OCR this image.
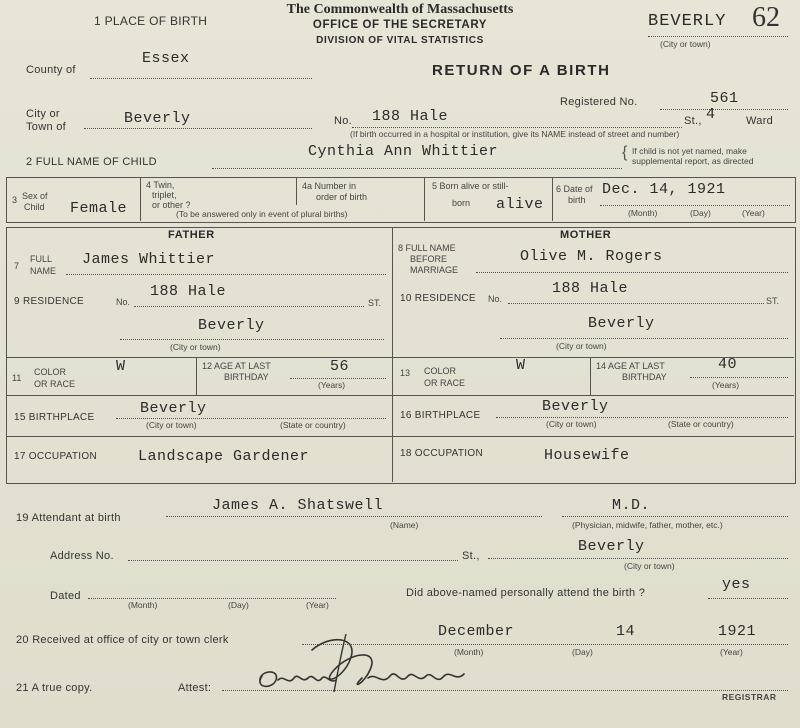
1 PLACE OF BIRTH
The Commonwealth of Massachusetts
OFFICE OF THE SECRETARY
DIVISION OF VITAL STATISTICS
BEVERLY 62
(City or town)
RETURN OF A BIRTH
County of
Essex
Registered No.	561
City or
Town of	Beverly	No. 188 Hale	St., 4	Ward
(If birth occurred in a hospital or institution, give its NAME instead of street and number)
2 FULL NAME OF CHILD
Cynthia Ann Whittier	{ If child is not yet named, make
supplemental report, as directed
3 Sex of
Child Female
4 Twin,
triplet,
or other ?
4a Number in
order of birth
(To be answered only in event of plural births)
5 Born alive or still-
born alive
6 Date of
birth
Dec. 14, 1921
(Month)	(Day)	(Year)
FATHER
7
FULL
NAME
James Whittier
9 RESIDENCE	No.
188 Hale
ST.
Beverly
(City or town)
11
COLOR
OR RACE
W	12 AGE AT LAST
BIRTHDAY
56
(Years)
15 BIRTHPLACE
Beverly
(City or town)	(State or country)
17 OCCUPATION	Landscape Gardener
MOTHER
8 FULL NAME
BEFORE
MARRIAGE
Olive M. Rogers
10 RESIDENCE No.
188 Hale
ST.
Beverly
(City or town)
13 COLOR
OR RACE
W	14 AGE AT LAST
BIRTHDAY
40
(Years)
16 BIRTHPLACE
Beverly
(City or town)	(State or country)
18 OCCUPATION	Housewife
19 Attendant at birth
James A. Shatswell
(Name)
M.D.
(Physician, midwife, father, mother, etc.)
Address No.	St.,
Beverly
(City or town)
Dated
(Month)	(Day)	(Year)
Did above-named personally attend the birth ?	yes
20 Received at office of city or town clerk	December	14	1921
(Month)	(Day)	(Year)
21 A true copy.	Attest:
REGISTRAR
